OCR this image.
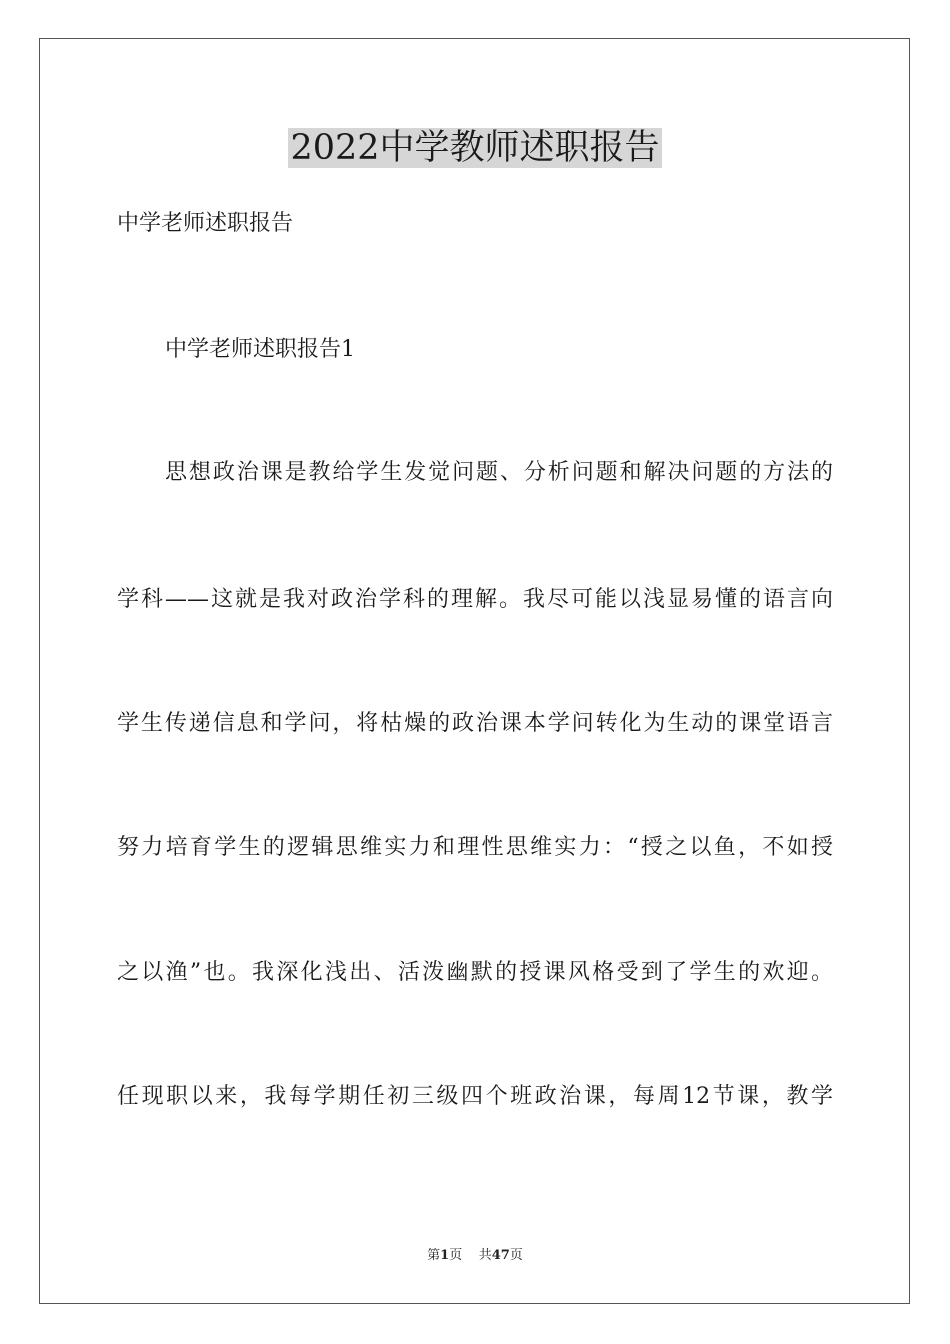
2022中学教师述职报告

中学老师述职报告

中学老师述职报告1

思想政治课是教给学生发觉问题、分析问题和解决问题的方法的

学科——这就是我对政治学科的理解。我尽可能以浅显易懂的语言向

学生传递信息和学问，将枯燥的政治课本学问转化为生动的课堂语言

努力培育学生的逻辑思维实力和理性思维实力：“授之以鱼，不如授

之以渔”也。我深化浅出、活泼幽默的授课风格受到了学生的欢迎。

任现职以来，我每学期任初三级四个班政治课，每周12节课，教学

第1页 共47页
